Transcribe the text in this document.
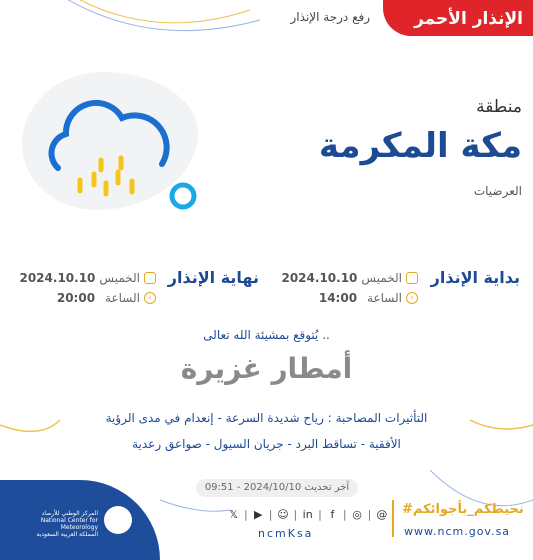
الإنذار الأحمر
رفع درجة الإنذار
منطقة
مكة المكرمة
العرضيات
بداية الإنذار
2024.10.10 الخميس
14:00 الساعة	‹
نهاية الإنذار
2024.10.10 الخميس
20:00 الساعة	‹
يُتوقع بمشيئة الله تعالى ..
أمطار غزيرة
التأثيرات المصاحبة : رياح شديدة السرعة - إنعدام في مدى الرؤية
الأفقية - تساقط البرد - جريان السيول - صواعق رعدية
آخر تحديث 2024/10/10 - 09:51
المركز الوطني للأرصاد
National Center for Meteorology
المملكة العربية السعودية
𝕏 | ▶ | ☺ | in | f | ◎ | @
ncmKsa
#نحيطكم_بأجوائكم
www.ncm.gov.sa
